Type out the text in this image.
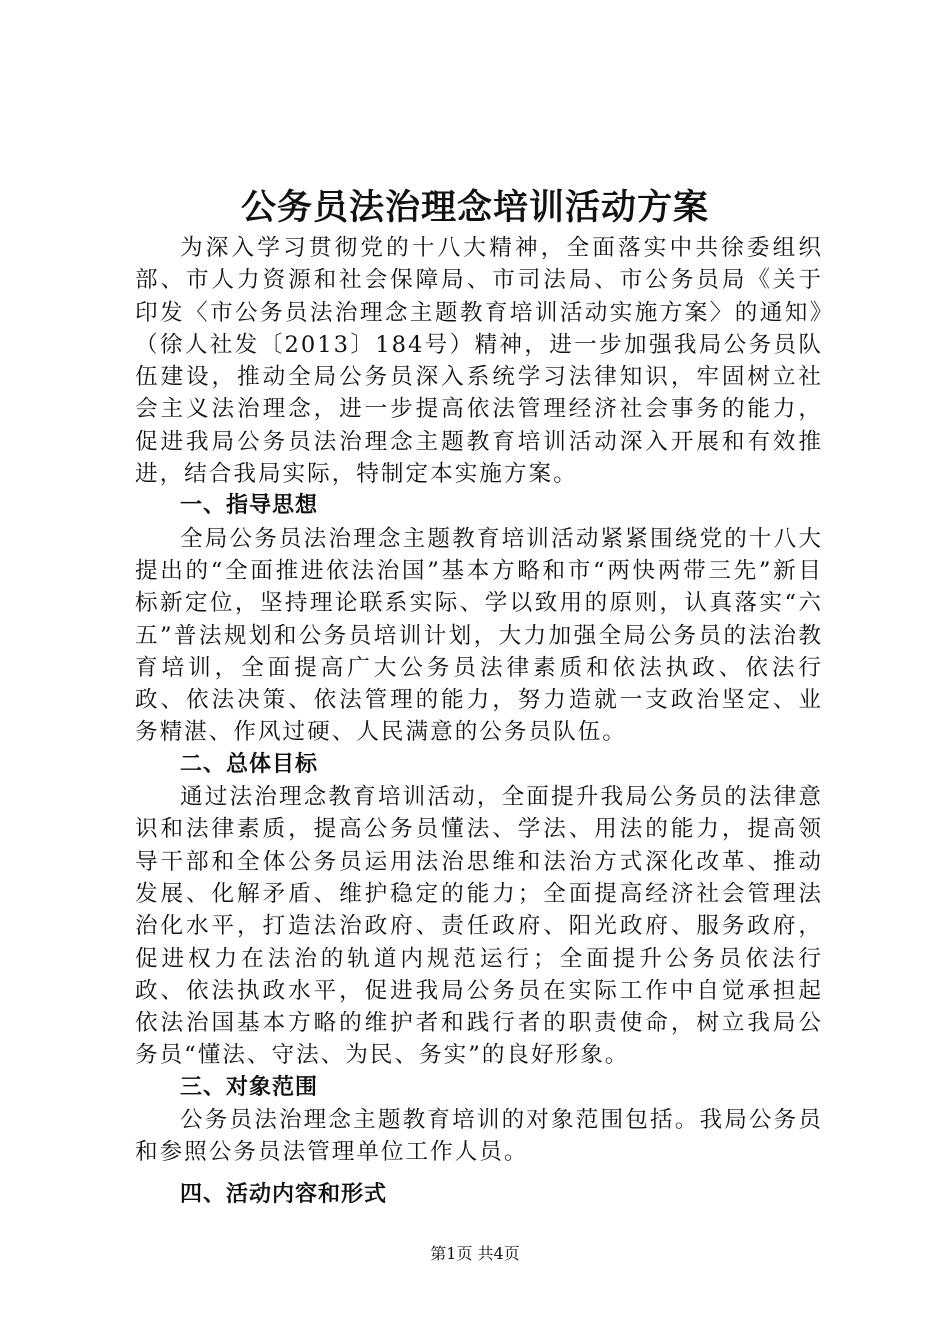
公务员法治理念培训活动方案

为深入学习贯彻党的十八大精神，全面落实中共徐委组织部、市人力资源和社会保障局、市司法局、市公务员局《关于印发〈市公务员法治理念主题教育培训活动实施方案〉的通知》（徐人社发〔2013〕184号）精神，进一步加强我局公务员队伍建设，推动全局公务员深入系统学习法律知识，牢固树立社会主义法治理念，进一步提高依法管理经济社会事务的能力，促进我局公务员法治理念主题教育培训活动深入开展和有效推进，结合我局实际，特制定本实施方案。

一、指导思想

全局公务员法治理念主题教育培训活动紧紧围绕党的十八大提出的“全面推进依法治国”基本方略和市“两快两带三先”新目标新定位，坚持理论联系实际、学以致用的原则，认真落实“六五”普法规划和公务员培训计划，大力加强全局公务员的法治教育培训，全面提高广大公务员法律素质和依法执政、依法行政、依法决策、依法管理的能力，努力造就一支政治坚定、业务精湛、作风过硬、人民满意的公务员队伍。

二、总体目标

通过法治理念教育培训活动，全面提升我局公务员的法律意识和法律素质，提高公务员懂法、学法、用法的能力，提高领导干部和全体公务员运用法治思维和法治方式深化改革、推动发展、化解矛盾、维护稳定的能力；全面提高经济社会管理法治化水平，打造法治政府、责任政府、阳光政府、服务政府，促进权力在法治的轨道内规范运行；全面提升公务员依法行政、依法执政水平，促进我局公务员在实际工作中自觉承担起依法治国基本方略的维护者和践行者的职责使命，树立我局公务员“懂法、守法、为民、务实”的良好形象。

三、对象范围

公务员法治理念主题教育培训的对象范围包括。我局公务员和参照公务员法管理单位工作人员。

四、活动内容和形式

第1页 共4页
